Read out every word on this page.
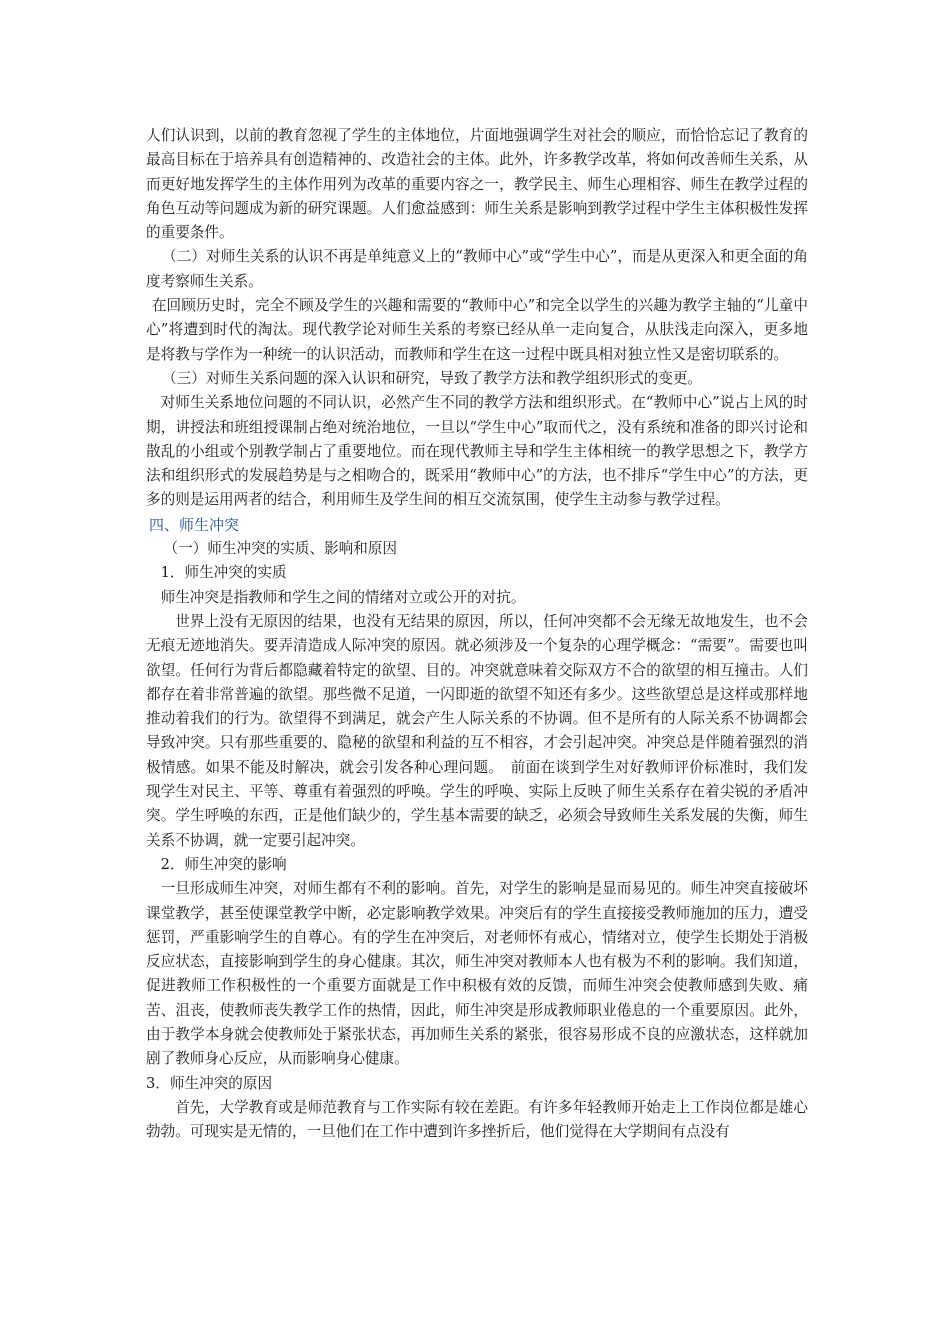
人们认识到，以前的教育忽视了学生的主体地位，片面地强调学生对社会的顺应，而恰恰忘记了教育的最高目标在于培养具有创造精神的、改造社会的主体。此外，许多教学改革，将如何改善师生关系，从而更好地发挥学生的主体作用列为改革的重要内容之一，教学民主、师生心理相容、师生在教学过程的角色互动等问题成为新的研究课题。人们愈益感到：师生关系是影响到教学过程中学生主体积极性发挥的重要条件。

（二）对师生关系的认识不再是单纯意义上的“教师中心”或“学生中心”，而是从更深入和更全面的角度考察师生关系。

在回顾历史时，完全不顾及学生的兴趣和需要的“教师中心”和完全以学生的兴趣为教学主轴的“儿童中心”将遭到时代的淘汰。现代教学论对师生关系的考察已经从单一走向复合，从肤浅走向深入，更多地是将教与学作为一种统一的认识活动，而教师和学生在这一过程中既具相对独立性又是密切联系的。

（三）对师生关系问题的深入认识和研究，导致了教学方法和教学组织形式的变更。

对师生关系地位问题的不同认识，必然产生不同的教学方法和组织形式。在“教师中心”说占上风的时期，讲授法和班组授课制占绝对统治地位，一旦以“学生中心”取而代之，没有系统和准备的即兴讨论和散乱的小组或个别教学制占了重要地位。而在现代教师主导和学生主体相统一的教学思想之下，教学方法和组织形式的发展趋势是与之相吻合的，既采用“教师中心”的方法，也不排斥“学生中心”的方法，更多的则是运用两者的结合，利用师生及学生间的相互交流氛围，使学生主动参与教学过程。

四、师生冲突

（一）师生冲突的实质、影响和原因

1．师生冲突的实质

师生冲突是指教师和学生之间的情绪对立或公开的对抗。

世界上没有无原因的结果，也没有无结果的原因，所以，任何冲突都不会无缘无故地发生，也不会无痕无迹地消失。要弄清造成人际冲突的原因。就必须涉及一个复杂的心理学概念：“需要”。需要也叫欲望。任何行为背后都隐藏着特定的欲望、目的。冲突就意味着交际双方不合的欲望的相互撞击。人们都存在着非常普遍的欲望。那些微不足道，一闪即逝的欲望不知还有多少。这些欲望总是这样或那样地推动着我们的行为。欲望得不到满足，就会产生人际关系的不协调。但不是所有的人际关系不协调都会导致冲突。只有那些重要的、隐秘的欲望和利益的互不相容，才会引起冲突。冲突总是伴随着强烈的消极情感。如果不能及时解决，就会引发各种心理问题。　前面在谈到学生对好教师评价标准时，我们发现学生对民主、平等、尊重有着强烈的呼唤。学生的呼唤、实际上反映了师生关系存在着尖锐的矛盾冲突。学生呼唤的东西，正是他们缺少的，学生基本需要的缺乏，必须会导致师生关系发展的失衡，师生关系不协调，就一定要引起冲突。

2．师生冲突的影响

一旦形成师生冲突，对师生都有不利的影响。首先，对学生的影响是显而易见的。师生冲突直接破坏课堂教学，甚至使课堂教学中断，必定影响教学效果。冲突后有的学生直接接受教师施加的压力，遭受惩罚，严重影响学生的自尊心。有的学生在冲突后，对老师怀有戒心，情绪对立，使学生长期处于消极反应状态，直接影响到学生的身心健康。其次，师生冲突对教师本人也有极为不利的影响。我们知道，促进教师工作积极性的一个重要方面就是工作中积极有效的反馈，而师生冲突会使教师感到失败、痛苦、沮丧，使教师丧失教学工作的热情，因此，师生冲突是形成教师职业倦息的一个重要原因。此外，由于教学本身就会使教师处于紧张状态，再加师生关系的紧张，很容易形成不良的应激状态，这样就加剧了教师身心反应，从而影响身心健康。

3．师生冲突的原因

首先，大学教育或是师范教育与工作实际有较在差距。有许多年轻教师开始走上工作岗位都是雄心勃勃。可现实是无情的，一旦他们在工作中遭到许多挫折后，他们觉得在大学期间有点没有
